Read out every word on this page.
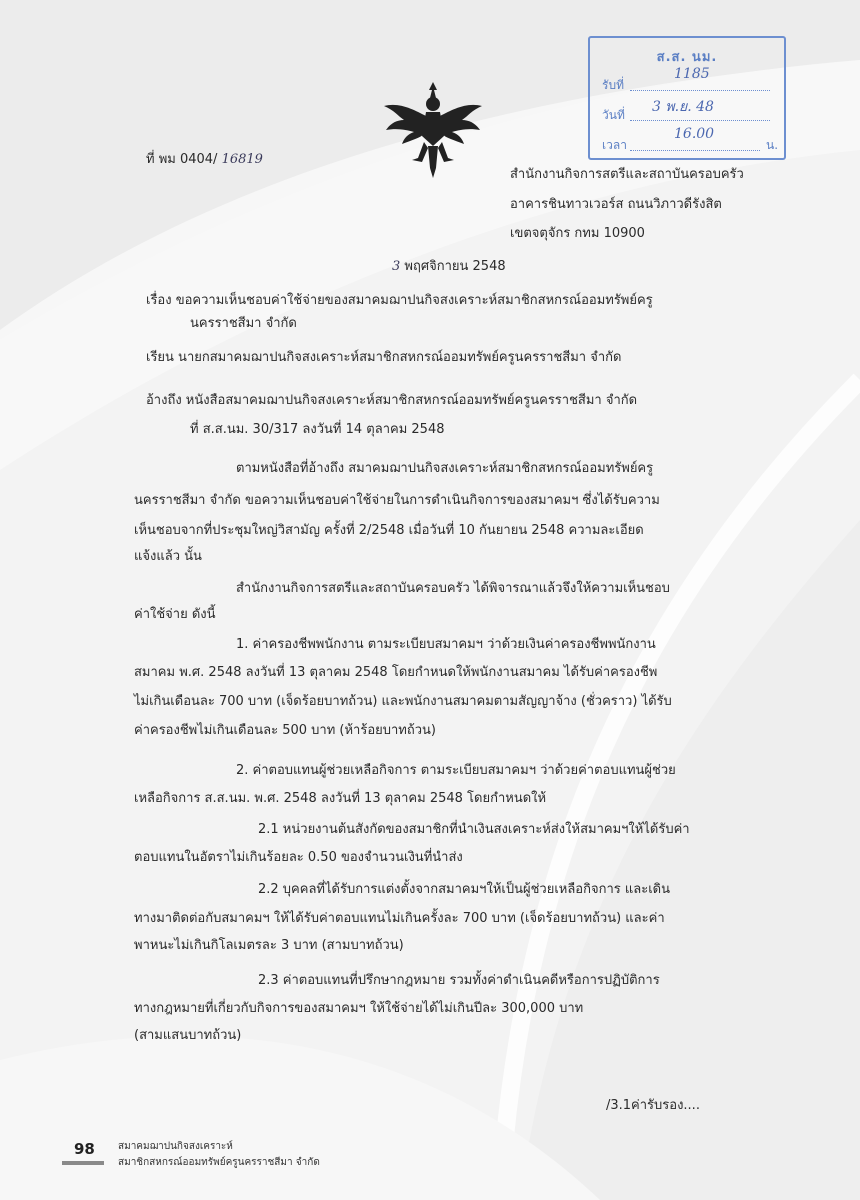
ส.ส. นม.
รับที่
1185
วันที่ 3 พ.ย. 48
เวลา
16.00
น.
ที่ พม 0404/ 16819
สำนักงานกิจการสตรีและสถาบันครอบครัว
อาคารชินทาวเวอร์ส ถนนวิภาวดีรังสิต
เขตจตุจักร กทม 10900
3 พฤศจิกายน 2548
เรื่อง ขอความเห็นชอบค่าใช้จ่ายของสมาคมฌาปนกิจสงเคราะห์สมาชิกสหกรณ์ออมทรัพย์ครู
นครราชสีมา จำกัด
เรียน นายกสมาคมฌาปนกิจสงเคราะห์สมาชิกสหกรณ์ออมทรัพย์ครูนครราชสีมา จำกัด
อ้างถึง หนังสือสมาคมฌาปนกิจสงเคราะห์สมาชิกสหกรณ์ออมทรัพย์ครูนครราชสีมา จำกัด
ที่ ส.ส.นม. 30/317 ลงวันที่ 14 ตุลาคม 2548
ตามหนังสือที่อ้างถึง สมาคมฌาปนกิจสงเคราะห์สมาชิกสหกรณ์ออมทรัพย์ครู
นครราชสีมา จำกัด ขอความเห็นชอบค่าใช้จ่ายในการดำเนินกิจการของสมาคมฯ ซึ่งได้รับความ
เห็นชอบจากที่ประชุมใหญ่วิสามัญ ครั้งที่ 2/2548 เมื่อวันที่ 10 กันยายน 2548 ความละเอียด
แจ้งแล้ว นั้น
สำนักงานกิจการสตรีและสถาบันครอบครัว ได้พิจารณาแล้วจึงให้ความเห็นชอบ
ค่าใช้จ่าย ดังนี้
1. ค่าครองชีพพนักงาน ตามระเบียบสมาคมฯ ว่าด้วยเงินค่าครองชีพพนักงาน
สมาคม พ.ศ. 2548 ลงวันที่ 13 ตุลาคม 2548 โดยกำหนดให้พนักงานสมาคม ได้รับค่าครองชีพ
ไม่เกินเดือนละ 700 บาท (เจ็ดร้อยบาทถ้วน) และพนักงานสมาคมตามสัญญาจ้าง (ชั่วคราว) ได้รับ
ค่าครองชีพไม่เกินเดือนละ 500 บาท (ห้าร้อยบาทถ้วน)
2. ค่าตอบแทนผู้ช่วยเหลือกิจการ ตามระเบียบสมาคมฯ ว่าด้วยค่าตอบแทนผู้ช่วย
เหลือกิจการ ส.ส.นม. พ.ศ. 2548 ลงวันที่ 13 ตุลาคม 2548 โดยกำหนดให้
2.1 หน่วยงานต้นสังกัดของสมาชิกที่นำเงินสงเคราะห์ส่งให้สมาคมฯให้ได้รับค่า
ตอบแทนในอัตราไม่เกินร้อยละ 0.50 ของจำนวนเงินที่นำส่ง
2.2 บุคคลที่ได้รับการแต่งตั้งจากสมาคมฯให้เป็นผู้ช่วยเหลือกิจการ และเดิน
ทางมาติดต่อกับสมาคมฯ ให้ได้รับค่าตอบแทนไม่เกินครั้งละ 700 บาท (เจ็ดร้อยบาทถ้วน) และค่า
พาหนะไม่เกินกิโลเมตรละ 3 บาท (สามบาทถ้วน)
2.3 ค่าตอบแทนที่ปรึกษากฎหมาย รวมทั้งค่าดำเนินคดีหรือการปฏิบัติการ
ทางกฎหมายที่เกี่ยวกับกิจการของสมาคมฯ ให้ใช้จ่ายได้ไม่เกินปีละ 300,000 บาท
(สามแสนบาทถ้วน)
/3.1ค่ารับรอง....
98 สมาคมฌาปนกิจสงเคราะห์
สมาชิกสหกรณ์ออมทรัพย์ครูนครราชสีมา จำกัด
